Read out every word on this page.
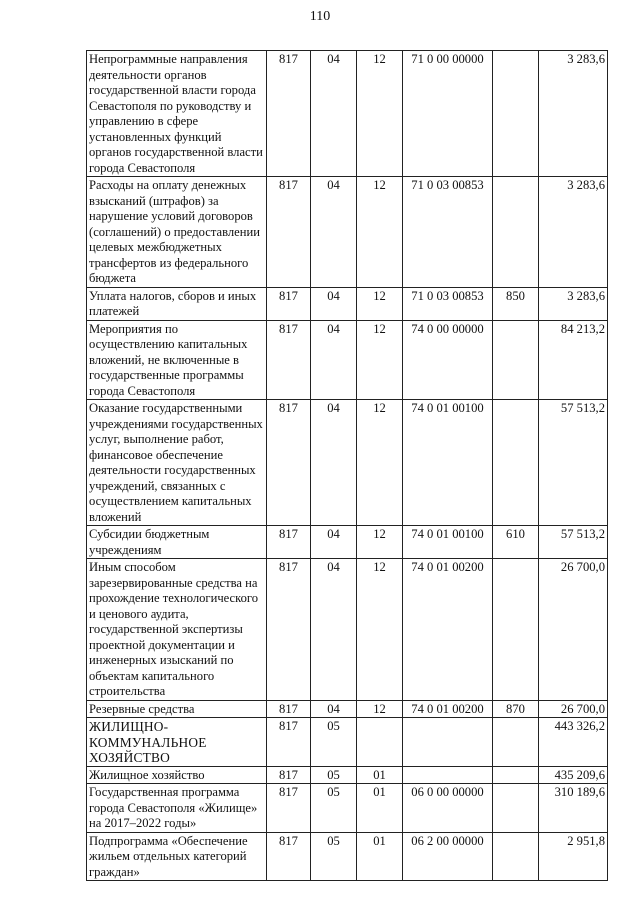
110
Непрограммные направления деятельности органов государственной власти города Севастополя по руководству и управлению в сфере установленных функций органов государственной власти города Севастополя	817	04	12	71 0 00 00000		3 283,6
Расходы на оплату денежных взысканий (штрафов) за нарушение условий договоров (соглашений) о предоставлении целевых межбюджетных трансфертов из федерального бюджета	817	04	12	71 0 03 00853		3 283,6
Уплата налогов, сборов и иных платежей	817	04	12	71 0 03 00853	850	3 283,6
Мероприятия по осуществлению капитальных вложений, не включенные в государственные программы города Севастополя	817	04	12	74 0 00 00000		84 213,2
Оказание государственными учреждениями государственных услуг, выполнение работ, финансовое обеспечение деятельности государственных учреждений, связанных с осуществлением капитальных вложений	817	04	12	74 0 01 00100		57 513,2
Субсидии бюджетным учреждениям	817	04	12	74 0 01 00100	610	57 513,2
Иным способом зарезервированные средства на прохождение технологического и ценового аудита, государственной экспертизы проектной документации и инженерных изысканий по объектам капитального строительства	817	04	12	74 0 01 00200		26 700,0
Резервные средства	817	04	12	74 0 01 00200	870	26 700,0
ЖИЛИЩНО-КОММУНАЛЬНОЕ ХОЗЯЙСТВО	817	05				443 326,2
Жилищное хозяйство	817	05	01			435 209,6
Государственная программа города Севастополя «Жилище» на 2017–2022 годы»	817	05	01	06 0 00 00000		310 189,6
Подпрограмма «Обеспечение жильем отдельных категорий граждан»	817	05	01	06 2 00 00000		2 951,8
